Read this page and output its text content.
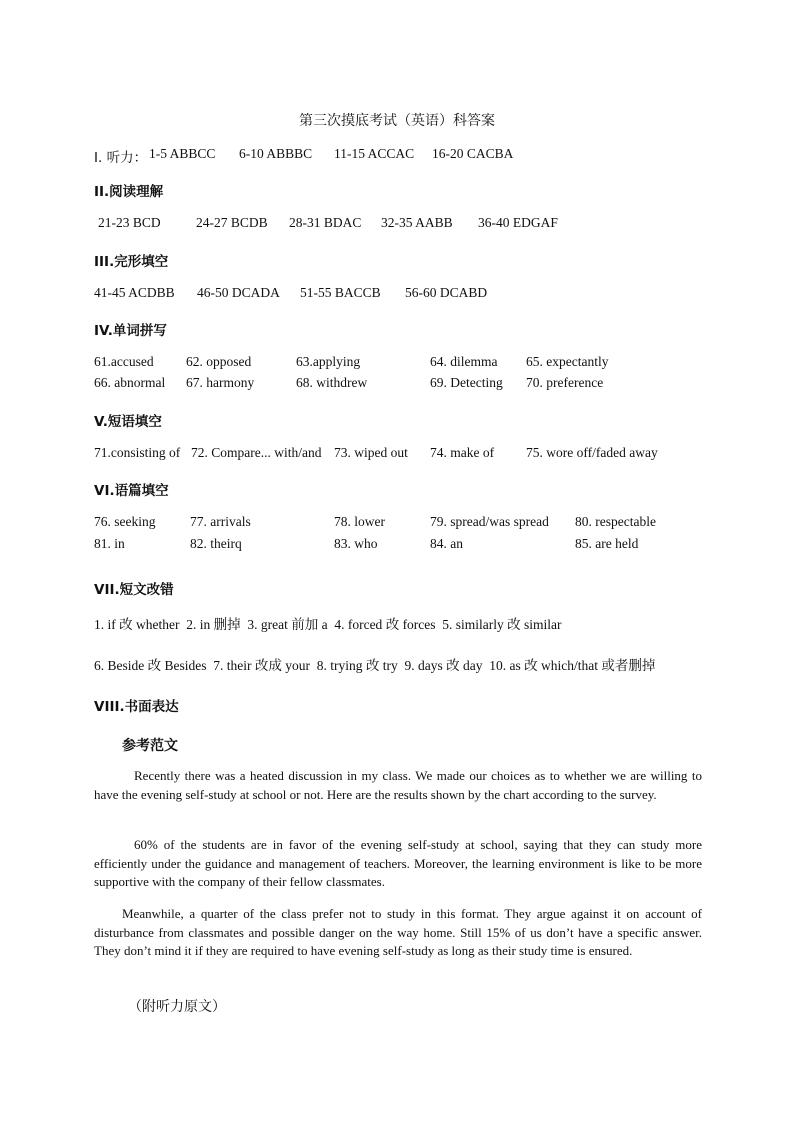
第三次摸底考试（英语）科答案
I. 听力： 1-5 ABBCC 6-10 ABBBC 11-15 ACCAC 16-20 CACBA
II.阅读理解
21-23 BCD	24-27 BCDB 28-31 BDAC 32-35 AABB 36-40 EDGAF
III.完形填空
41-45 ACDBB 46-50 DCADA 51-55 BACCB 56-60 DCABD
IV.单词拼写
61.accused 62. opposed	63.applying	64. dilemma 65. expectantly
66. abnormal 67. harmony	68. withdrew	69. Detecting 70. preference
V.短语填空
71.consisting of 72. Compare... with/and 73. wiped out 74. make of 75. wore off/faded away
VI.语篇填空
76. seeking	77. arrivals	78. lower	79. spread/was spread 80. respectable
81. in	82. theirq	83. who	84. an	85. are held
VII.短文改错
1. if 改 whether  2. in 删掉  3. great 前加 a  4. forced 改 forces  5. similarly 改 similar
6. Beside 改 Besides  7. their 改成 your  8. trying 改 try  9. days 改 day  10. as 改 which/that 或者删掉
VIII.书面表达
参考范文
Recently there was a heated discussion in my class. We made our choices as to whether we are willing to have the evening self-study at school or not. Here are the results shown by the chart according to the survey.
60% of the students are in favor of the evening self-study at school, saying that they can study more efficiently under the guidance and management of teachers. Moreover, the learning environment is like to be more supportive with the company of their fellow classmates.
Meanwhile, a quarter of the class prefer not to study in this format. They argue against it on account of disturbance from classmates and possible danger on the way home. Still 15% of us don’t have a specific answer. They don’t mind it if they are required to have evening self-study as long as their study time is ensured.
（附听力原文）
